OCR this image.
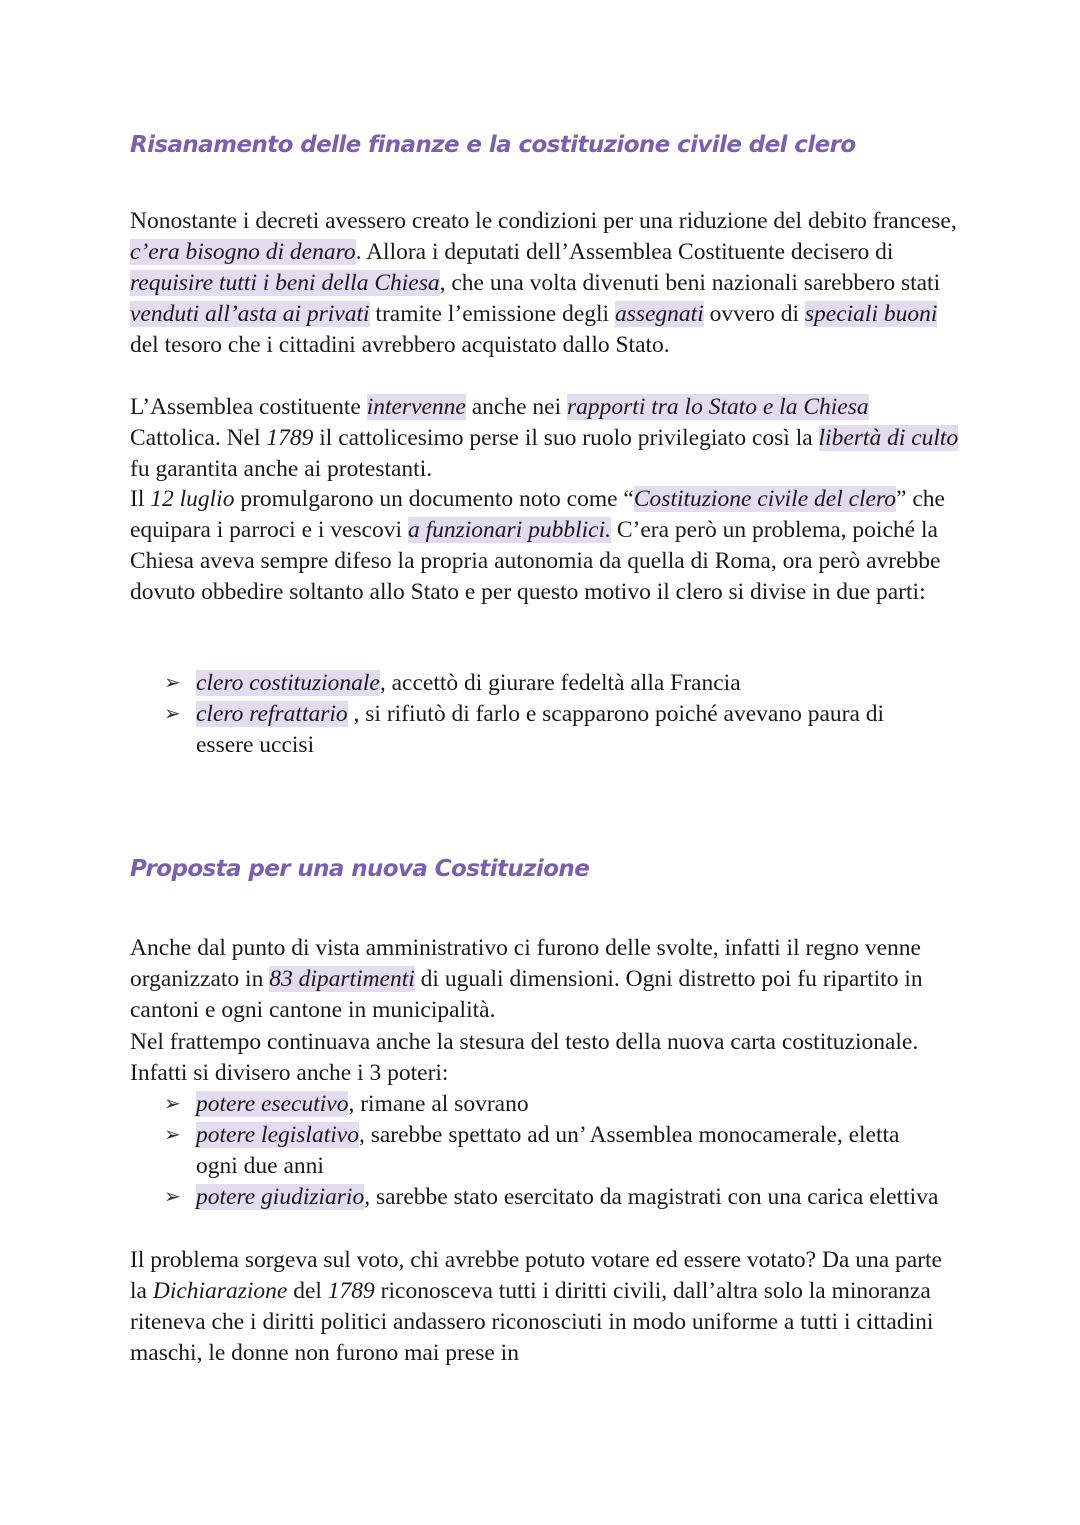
Risanamento delle finanze e la costituzione civile del clero

Nonostante i decreti avessero creato le condizioni per una riduzione del debito francese, c’era bisogno di denaro. Allora i deputati dell’Assemblea Costituente decisero di requisire tutti i beni della Chiesa, che una volta divenuti beni nazionali sarebbero stati venduti all’asta ai privati tramite l’emissione degli assegnati ovvero di speciali buoni del tesoro che i cittadini avrebbero acquistato dallo Stato.

L’Assemblea costituente intervenne anche nei rapporti tra lo Stato e la Chiesa Cattolica. Nel 1789 il cattolicesimo perse il suo ruolo privilegiato così la libertà di culto fu garantita anche ai protestanti.

Il 12 luglio promulgarono un documento noto come “Costituzione civile del clero” che equipara i parroci e i vescovi a funzionari pubblici. C’era però un problema, poiché la Chiesa aveva sempre difeso la propria autonomia da quella di Roma, ora però avrebbe dovuto obbedire soltanto allo Stato e per questo motivo il clero si divise in due parti:

➢ clero costituzionale, accettò di giurare fedeltà alla Francia
➢ clero refrattario , si rifiutò di farlo e scapparono poiché avevano paura di essere uccisi
Proposta per una nuova Costituzione

Anche dal punto di vista amministrativo ci furono delle svolte, infatti il regno venne organizzato in 83 dipartimenti di uguali dimensioni. Ogni distretto poi fu ripartito in cantoni e ogni cantone in municipalità.

Nel frattempo continuava anche la stesura del testo della nuova carta costituzionale. Infatti si divisero anche i 3 poteri:

➢ potere esecutivo, rimane al sovrano
➢ potere legislativo, sarebbe spettato ad un’ Assemblea monocamerale, eletta ogni due anni
➢ potere giudiziario, sarebbe stato esercitato da magistrati con una carica elettiva

Il problema sorgeva sul voto, chi avrebbe potuto votare ed essere votato? Da una parte la Dichiarazione del 1789 riconosceva tutti i diritti civili, dall’altra solo la minoranza riteneva che i diritti politici andassero riconosciuti in modo uniforme a tutti i cittadini maschi, le donne non furono mai prese in
